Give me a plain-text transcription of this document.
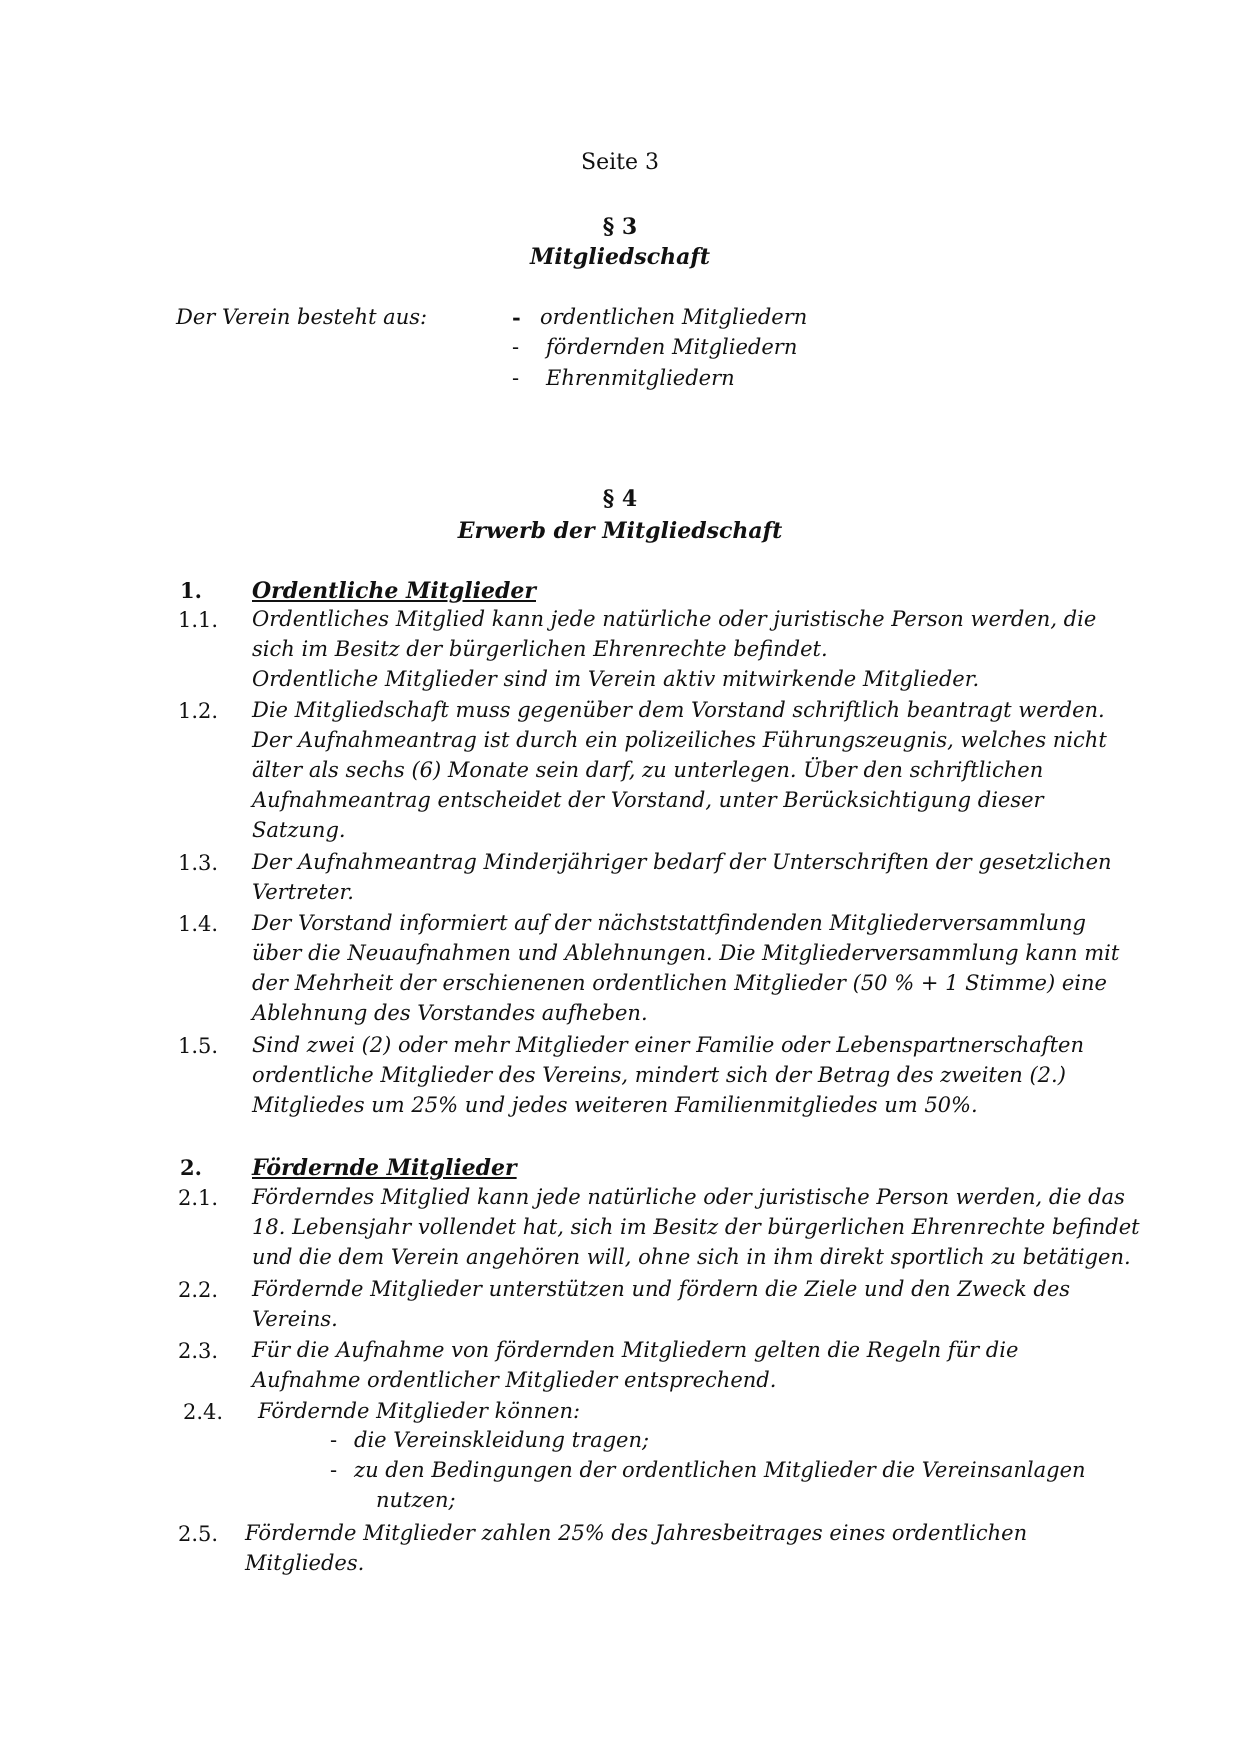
Seite 3
§ 3
Mitgliedschaft
Der Verein besteht aus:	- ordentlichen Mitgliedern
- fördernden Mitgliedern
- Ehrenmitgliedern
§ 4
Erwerb der Mitgliedschaft
1. Ordentliche Mitglieder
1.1. Ordentliches Mitglied kann jede natürliche oder juristische Person werden, die
sich im Besitz der bürgerlichen Ehrenrechte befindet.
Ordentliche Mitglieder sind im Verein aktiv mitwirkende Mitglieder.
1.2. Die Mitgliedschaft muss gegenüber dem Vorstand schriftlich beantragt werden.
Der Aufnahmeantrag ist durch ein polizeiliches Führungszeugnis, welches nicht
älter als sechs (6) Monate sein darf, zu unterlegen. Über den schriftlichen
Aufnahmeantrag entscheidet der Vorstand, unter Berücksichtigung dieser
Satzung.
1.3. Der Aufnahmeantrag Minderjähriger bedarf der Unterschriften der gesetzlichen
Vertreter.
1.4. Der Vorstand informiert auf der nächststattfindenden Mitgliederversammlung
über die Neuaufnahmen und Ablehnungen. Die Mitgliederversammlung kann mit
der Mehrheit der erschienenen ordentlichen Mitglieder (50 % + 1 Stimme) eine
Ablehnung des Vorstandes aufheben.
1.5. Sind zwei (2) oder mehr Mitglieder einer Familie oder Lebenspartnerschaften
ordentliche Mitglieder des Vereins, mindert sich der Betrag des zweiten (2.)
Mitgliedes um 25% und jedes weiteren Familienmitgliedes um 50%.
2. Fördernde Mitglieder
2.1. Förderndes Mitglied kann jede natürliche oder juristische Person werden, die das
18. Lebensjahr vollendet hat, sich im Besitz der bürgerlichen Ehrenrechte befindet
und die dem Verein angehören will, ohne sich in ihm direkt sportlich zu betätigen.
2.2. Fördernde Mitglieder unterstützen und fördern die Ziele und den Zweck des
Vereins.
2.3. Für die Aufnahme von fördernden Mitgliedern gelten die Regeln für die
Aufnahme ordentlicher Mitglieder entsprechend.
2.4. Fördernde Mitglieder können:
- die Vereinskleidung tragen;
- zu den Bedingungen der ordentlichen Mitglieder die Vereinsanlagen
nutzen;
2.5. Fördernde Mitglieder zahlen 25% des Jahresbeitrages eines ordentlichen
Mitgliedes.
